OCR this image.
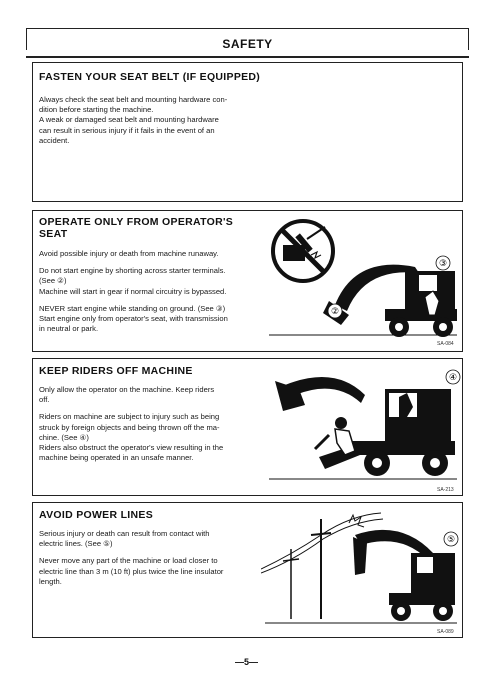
SAFETY
FASTEN YOUR SEAT BELT (IF EQUIPPED)
Always check the seat belt and mounting hardware con-
dition before starting the machine.
A weak or damaged seat belt and mounting hardware
can result in serious injury if it fails in the event of an
accident.
OPERATE ONLY FROM OPERATOR'S
SEAT

Avoid possible injury or death from machine runaway.

Do not start engine by shorting across starter terminals.
(See ②)
Machine will start in gear if normal circuitry is bypassed.

NEVER start engine while standing on ground. (See ③)
Start engine only from operator's seat, with transmission
in neutral or park.

③
②
SA-084
KEEP RIDERS OFF MACHINE

Only allow the operator on the machine. Keep riders
off.

Riders on machine are subject to injury such as being
struck by foreign objects and being thrown off the ma-
chine. (See ④)
Riders also obstruct the operator's view resulting in the
machine being operated in an unsafe manner.

④
SA-213
AVOID POWER LINES

Serious injury or death can result from contact with
electric lines. (See ⑤)

Never move any part of the machine or load closer to
electric line than 3 m (10 ft) plus twice the line insulator
length.

⑤
SA-089
—5—
